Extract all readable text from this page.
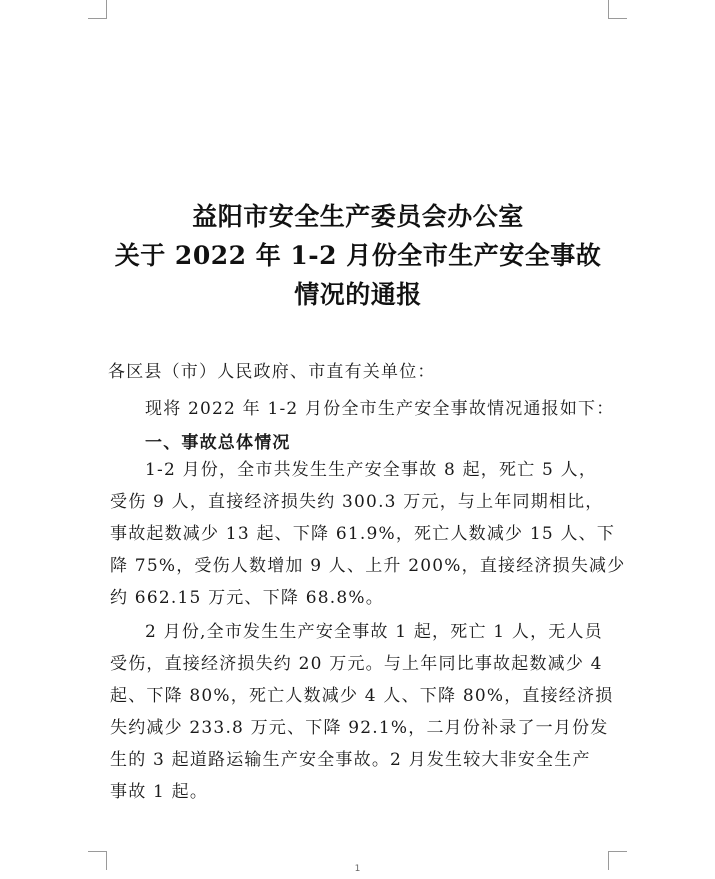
益阳市安全生产委员会办公室
关于 2022 年 1-2 月份全市生产安全事故
情况的通报
各区县（市）人民政府、市直有关单位：
现将 2022 年 1-2 月份全市生产安全事故情况通报如下：
一、事故总体情况
1-2 月份，全市共发生生产安全事故 8 起，死亡 5 人，
受伤 9 人，直接经济损失约 300.3 万元，与上年同期相比，
事故起数减少 13 起、下降 61.9%，死亡人数减少 15 人、下
降 75%，受伤人数增加 9 人、上升 200%，直接经济损失减少
约 662.15 万元、下降 68.8%。
2 月份,全市发生生产安全事故 1 起，死亡 1 人，无人员
受伤，直接经济损失约 20 万元。与上年同比事故起数减少 4
起、下降 80%，死亡人数减少 4 人、下降 80%，直接经济损
失约减少 233.8 万元、下降 92.1%，二月份补录了一月份发
生的 3 起道路运输生产安全事故。2 月发生较大非安全生产
事故 1 起。
1
